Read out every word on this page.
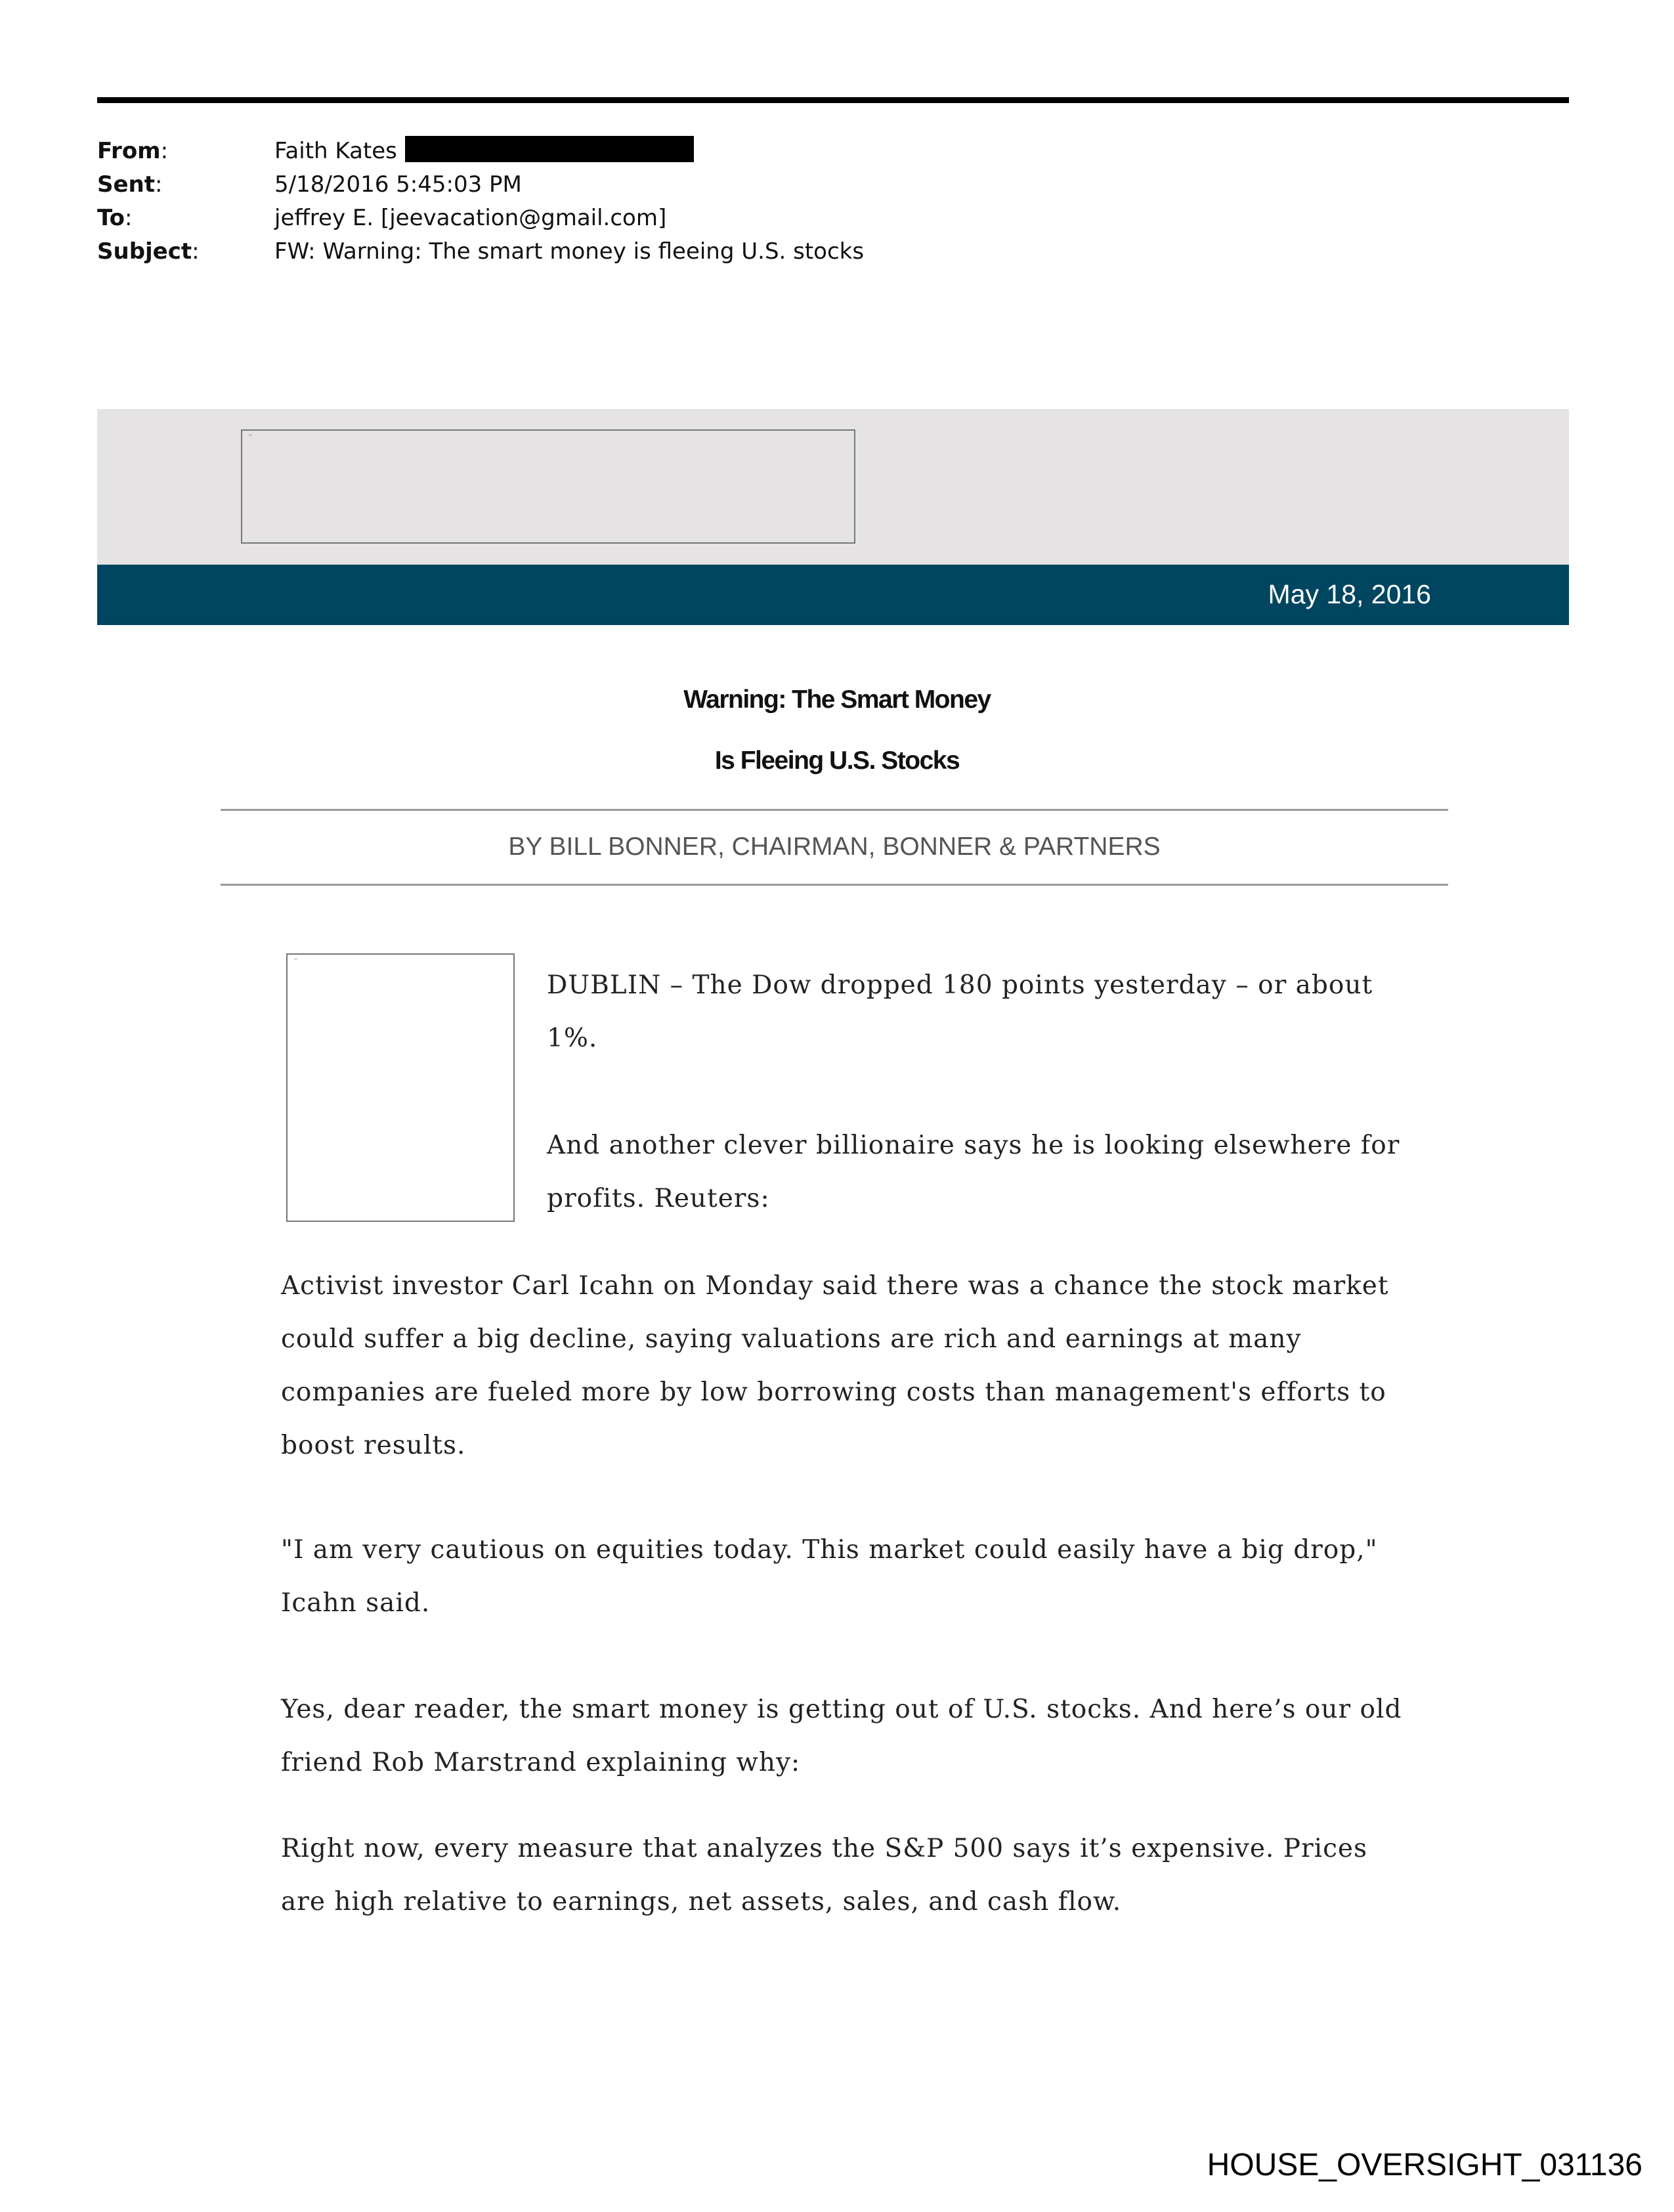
From:	Faith Kates
Sent:	5/18/2016 5:45:03 PM
To:	jeffrey E. [jeevacation@gmail.com]
Subject:	FW: Warning: The smart money is fleeing U.S. stocks
▭
May 18, 2016
Warning: The Smart Money
Is Fleeing U.S. Stocks
BY BILL BONNER, CHAIRMAN, BONNER & PARTNERS
▭
DUBLIN – The Dow dropped 180 points yesterday – or about 1%.
And another clever billionaire says he is looking elsewhere for profits. Reuters:
Activist investor Carl Icahn on Monday said there was a chance the stock market could suffer a big decline, saying valuations are rich and earnings at many companies are fueled more by low borrowing costs than management's efforts to boost results.
"I am very cautious on equities today. This market could easily have a big drop," Icahn said.
Yes, dear reader, the smart money is getting out of U.S. stocks. And here’s our old friend Rob Marstrand explaining why:
Right now, every measure that analyzes the S&P 500 says it’s expensive. Prices are high relative to earnings, net assets, sales, and cash flow.
HOUSE_OVERSIGHT_031136
